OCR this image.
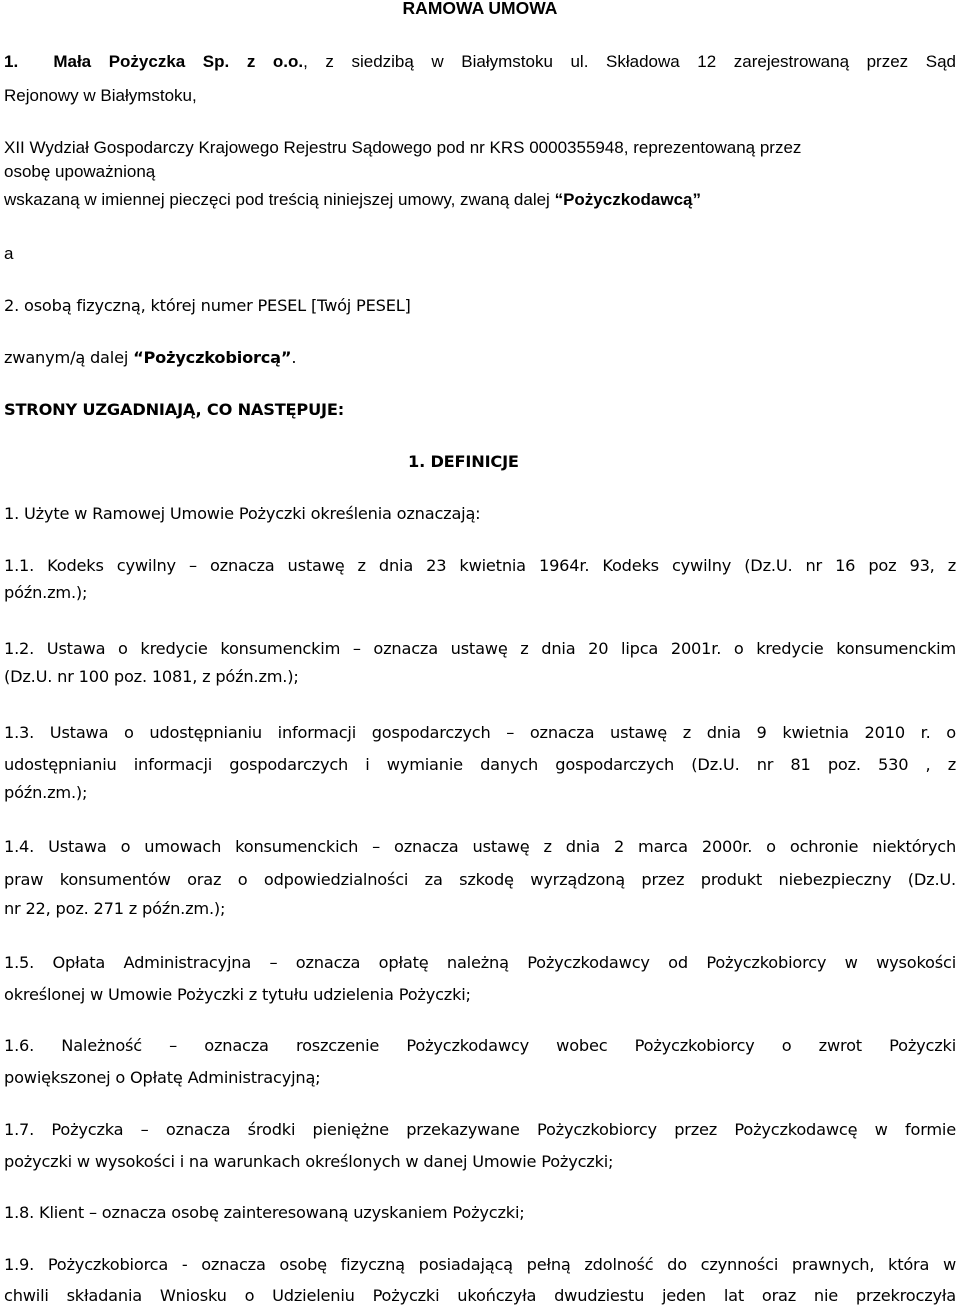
RAMOWA UMOWA
1. Mała Pożyczka Sp. z o.o., z siedzibą w Białymstoku ul. Składowa 12 zarejestrowaną przez Sąd
Rejonowy w Białymstoku,
XII Wydział Gospodarczy Krajowego Rejestru Sądowego pod nr KRS 0000355948, reprezentowaną przez
osobę upoważnioną
wskazaną w imiennej pieczęci pod treścią niniejszej umowy, zwaną dalej “Pożyczkodawcą”
a
2. osobą fizyczną, której numer PESEL [Twój PESEL]
zwanym/ą dalej “Pożyczkobiorcą”.
STRONY UZGADNIAJĄ, CO NASTĘPUJE:
1. DEFINICJE
1. Użyte w Ramowej Umowie Pożyczki określenia oznaczają:
1.1. Kodeks cywilny – oznacza ustawę z dnia 23 kwietnia 1964r. Kodeks cywilny (Dz.U. nr 16 poz 93, z
późn.zm.);
1.2. Ustawa o kredycie konsumenckim – oznacza ustawę z dnia 20 lipca 2001r. o kredycie konsumenckim
(Dz.U. nr 100 poz. 1081, z późn.zm.);
1.3. Ustawa o udostępnianiu informacji gospodarczych – oznacza ustawę z dnia 9 kwietnia 2010 r. o
udostępnianiu informacji gospodarczych i wymianie danych gospodarczych (Dz.U. nr 81 poz. 530 , z
późn.zm.);
1.4. Ustawa o umowach konsumenckich – oznacza ustawę z dnia 2 marca 2000r. o ochronie niektórych
praw konsumentów oraz o odpowiedzialności za szkodę wyrządzoną przez produkt niebezpieczny (Dz.U.
nr 22, poz. 271 z późn.zm.);
1.5. Opłata Administracyjna – oznacza opłatę należną Pożyczkodawcy od Pożyczkobiorcy w wysokości
określonej w Umowie Pożyczki z tytułu udzielenia Pożyczki;
1.6. Należność – oznacza roszczenie Pożyczkodawcy wobec Pożyczkobiorcy o zwrot Pożyczki
powiększonej o Opłatę Administracyjną;
1.7. Pożyczka – oznacza środki pieniężne przekazywane Pożyczkobiorcy przez Pożyczkodawcę w formie
pożyczki w wysokości i na warunkach określonych w danej Umowie Pożyczki;
1.8. Klient – oznacza osobę zainteresowaną uzyskaniem Pożyczki;
1.9. Pożyczkobiorca - oznacza osobę fizyczną posiadającą pełną zdolność do czynności prawnych, która w
chwili składania Wniosku o Udzieleniu Pożyczki ukończyła dwudziestu jeden lat oraz nie przekroczyła
